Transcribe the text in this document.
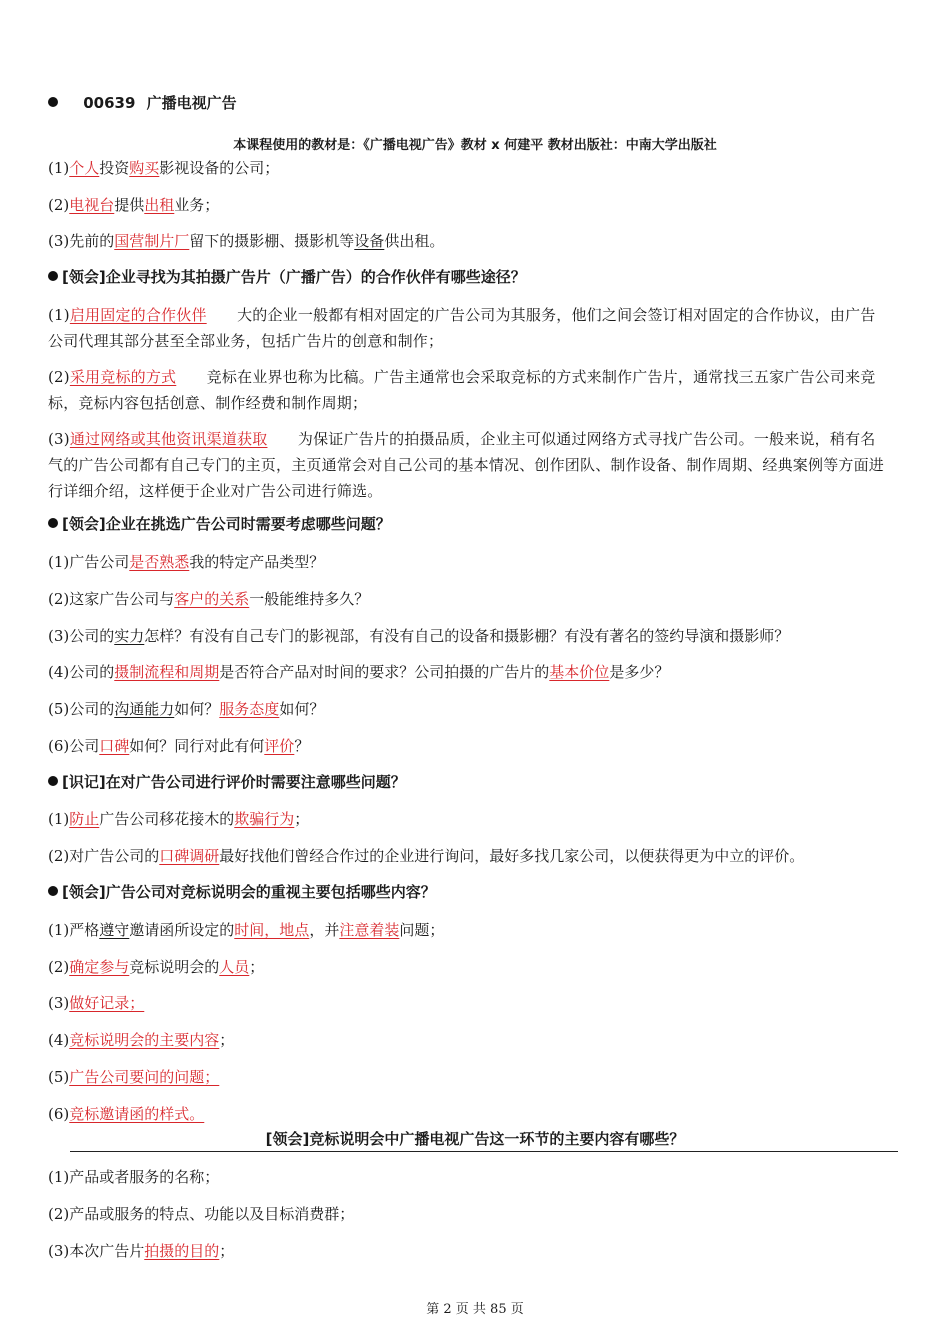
00639 广播电视广告
本课程使用的教材是：《广播电视广告》教材 x 何建平 教材出版社：中南大学出版社
(1)个人投资购买影视设备的公司；
(2)电视台提供出租业务；
(3)先前的国营制片厂留下的摄影棚、摄影机等设备供出租。
[领会]企业寻找为其拍摄广告片（广播广告）的合作伙伴有哪些途径？
(1)启用固定的合作伙伴　　大的企业一般都有相对固定的广告公司为其服务，他们之间会签订相对固定的合作协议，由广告公司代理其部分甚至全部业务，包括广告片的创意和制作；
(2)采用竞标的方式　　竞标在业界也称为比稿。广告主通常也会采取竞标的方式来制作广告片，通常找三五家广告公司来竞标，竞标内容包括创意、制作经费和制作周期；
(3)通过网络或其他资讯渠道获取　　为保证广告片的拍摄品质，企业主可似通过网络方式寻找广告公司。一般来说，稍有名气的广告公司都有自己专门的主页，主页通常会对自己公司的基本情况、创作团队、制作设备、制作周期、经典案例等方面进行详细介绍，这样便于企业对广告公司进行筛选。
[领会]企业在挑选广告公司时需要考虑哪些问题？
(1)广告公司是否熟悉我的特定产品类型？
(2)这家广告公司与客户的关系一般能维持多久？
(3)公司的实力怎样？有没有自己专门的影视部，有没有自己的设备和摄影棚？有没有著名的签约导演和摄影师？
(4)公司的摄制流程和周期是否符合产品对时间的要求？公司拍摄的广告片的基本价位是多少？
(5)公司的沟通能力如何？服务态度如何？
(6)公司口碑如何？同行对此有何评价？
[识记]在对广告公司进行评价时需要注意哪些问题？
(1)防止广告公司移花接木的欺骗行为；
(2)对广告公司的口碑调研最好找他们曾经合作过的企业进行询问，最好多找几家公司，以便获得更为中立的评价。
[领会]广告公司对竞标说明会的重视主要包括哪些内容？
(1)严格遵守邀请函所设定的时间，地点，并注意着装问题；
(2)确定参与竞标说明会的人员；
(3)做好记录；
(4)竞标说明会的主要内容；
(5)广告公司要问的问题；
(6)竞标邀请函的样式。
[领会]竞标说明会中广播电视广告这一环节的主要内容有哪些？
(1)产品或者服务的名称；
(2)产品或服务的特点、功能以及目标消费群；
(3)本次广告片拍摄的目的；
第 2 页 共 85 页
